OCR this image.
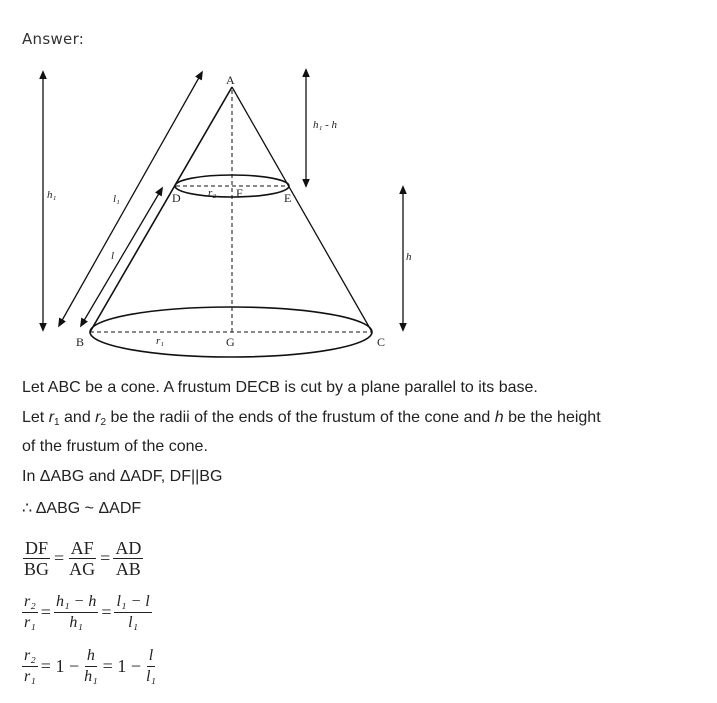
Answer:
A
D	F	E
B	G	C
h₁	l₁
l
h₁ - h
h
r₁
r₂
Let ABC be a cone. A frustum DECB is cut by a plane parallel to its base.
Let $r_1$ and $r_2$ be the radii of the ends of the frustum of the cone and h be the height
of the frustum of the cone.
In ΔABG and ΔADF, DF||BG
∴ ΔABG ~ ΔADF
$\frac{DF}{BG} = \frac{AF}{AG} = \frac{AD}{AB}$
$\frac{\text{r₂}}{\text{r₁}} = \frac{\text{h₁ − h}}{\text{h₁}} = \frac{\text{l₁ − l}}{\text{l₁}}$
$\frac{\text{r₂}}{\text{r₁}} = 1 - \frac{h}{\text{h₁}} = 1 - \frac{l}{\text{l₁}}$
